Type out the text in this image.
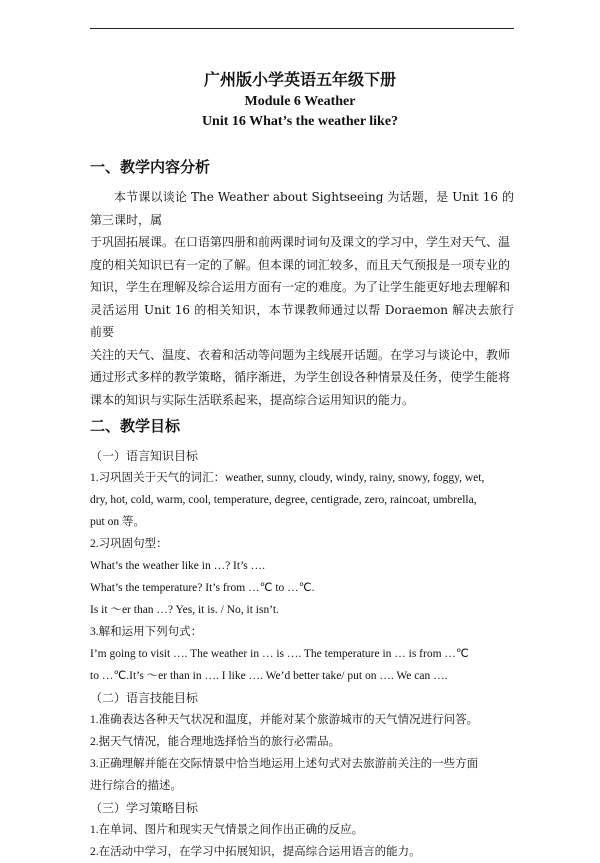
广州版小学英语五年级下册
Module 6 Weather
Unit 16 What’s the weather like?
一、教学内容分析

本节课以谈论 The Weather about Sightseeing 为话题，是 Unit 16 的第三课时，属

于巩固拓展课。在口语第四册和前两课时词句及课文的学习中，学生对天气、温

度的相关知识已有一定的了解。但本课的词汇较多，而且天气预报是一项专业的

知识，学生在理解及综合运用方面有一定的难度。为了让学生能更好地去理解和

灵活运用 Unit 16 的相关知识，本节课教师通过以帮 Doraemon 解决去旅行前要

关注的天气、温度、衣着和活动等问题为主线展开话题。在学习与谈论中，教师

通过形式多样的教学策略，循序渐进，为学生创设各种情景及任务，使学生能将

课本的知识与实际生活联系起来，提高综合运用知识的能力。

二、教学目标

（一）语言知识目标

1.习巩固关于天气的词汇：weather, sunny, cloudy, windy, rainy, snowy, foggy, wet,

dry, hot, cold, warm, cool, temperature, degree, centigrade, zero, raincoat, umbrella,

put on 等。

2.习巩固句型：

What’s the weather like in …? It’s ….

What’s the temperature? It’s from …℃ to …℃.

Is it ～er than …? Yes, it is. / No, it isn’t.

3.解和运用下列句式：

I’m going to visit …. The weather in … is …. The temperature in … is from …℃

to …℃.It’s ～er than in …. I like …. We’d better take/ put on …. We can ….

（二）语言技能目标

1.准确表达各种天气状况和温度，并能对某个旅游城市的天气情况进行问答。

2.据天气情况，能合理地选择恰当的旅行必需品。

3.正确理解并能在交际情景中恰当地运用上述句式对去旅游前关注的一些方面

进行综合的描述。

（三）学习策略目标

1.在单词、图片和现实天气情景之间作出正确的反应。

2.在活动中学习，在学习中拓展知识，提高综合运用语言的能力。
